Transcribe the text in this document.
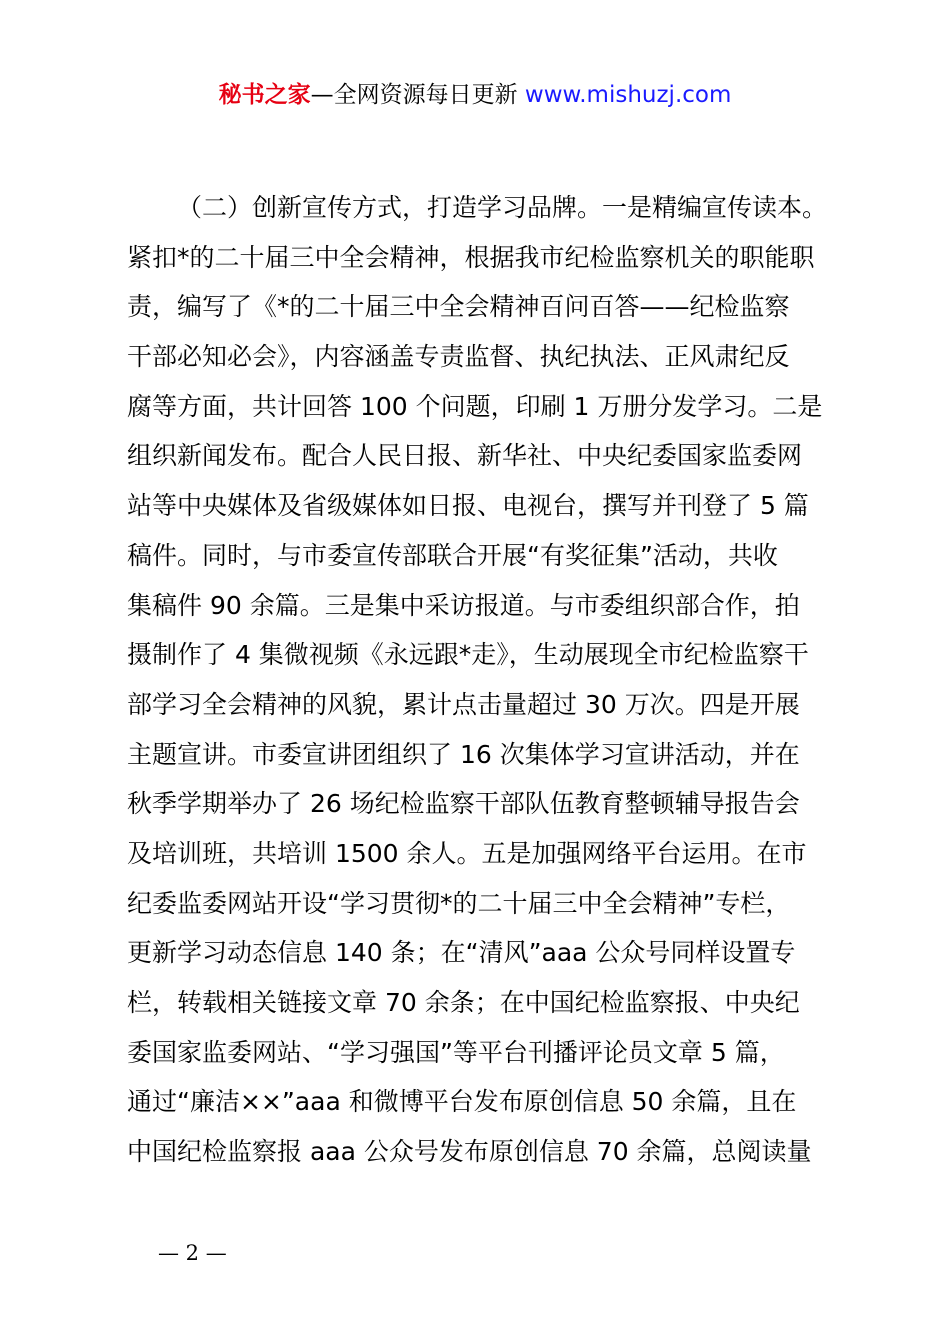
秘书之家—全网资源每日更新 www.mishuzj.com
（二）创新宣传方式，打造学习品牌。一是精编宣传读本。
紧扣*的二十届三中全会精神，根据我市纪检监察机关的职能职
责，编写了《*的二十届三中全会精神百问百答——纪检监察
干部必知必会》，内容涵盖专责监督、执纪执法、正风肃纪反
腐等方面，共计回答 100 个问题，印刷 1 万册分发学习。二是
组织新闻发布。配合人民日报、新华社、中央纪委国家监委网
站等中央媒体及省级媒体如日报、电视台，撰写并刊登了 5 篇
稿件。同时，与市委宣传部联合开展“有奖征集”活动，共收
集稿件 90 余篇。三是集中采访报道。与市委组织部合作，拍
摄制作了 4 集微视频《永远跟*走》，生动展现全市纪检监察干
部学习全会精神的风貌，累计点击量超过 30 万次。四是开展
主题宣讲。市委宣讲团组织了 16 次集体学习宣讲活动，并在
秋季学期举办了 26 场纪检监察干部队伍教育整顿辅导报告会
及培训班，共培训 1500 余人。五是加强网络平台运用。在市
纪委监委网站开设“学习贯彻*的二十届三中全会精神”专栏，
更新学习动态信息 140 条；在“清风”aaa 公众号同样设置专
栏，转载相关链接文章 70 余条；在中国纪检监察报、中央纪
委国家监委网站、“学习强国”等平台刊播评论员文章 5 篇，
通过“廉洁××”aaa 和微博平台发布原创信息 50 余篇，且在
中国纪检监察报 aaa 公众号发布原创信息 70 余篇，总阅读量
— 2 —
